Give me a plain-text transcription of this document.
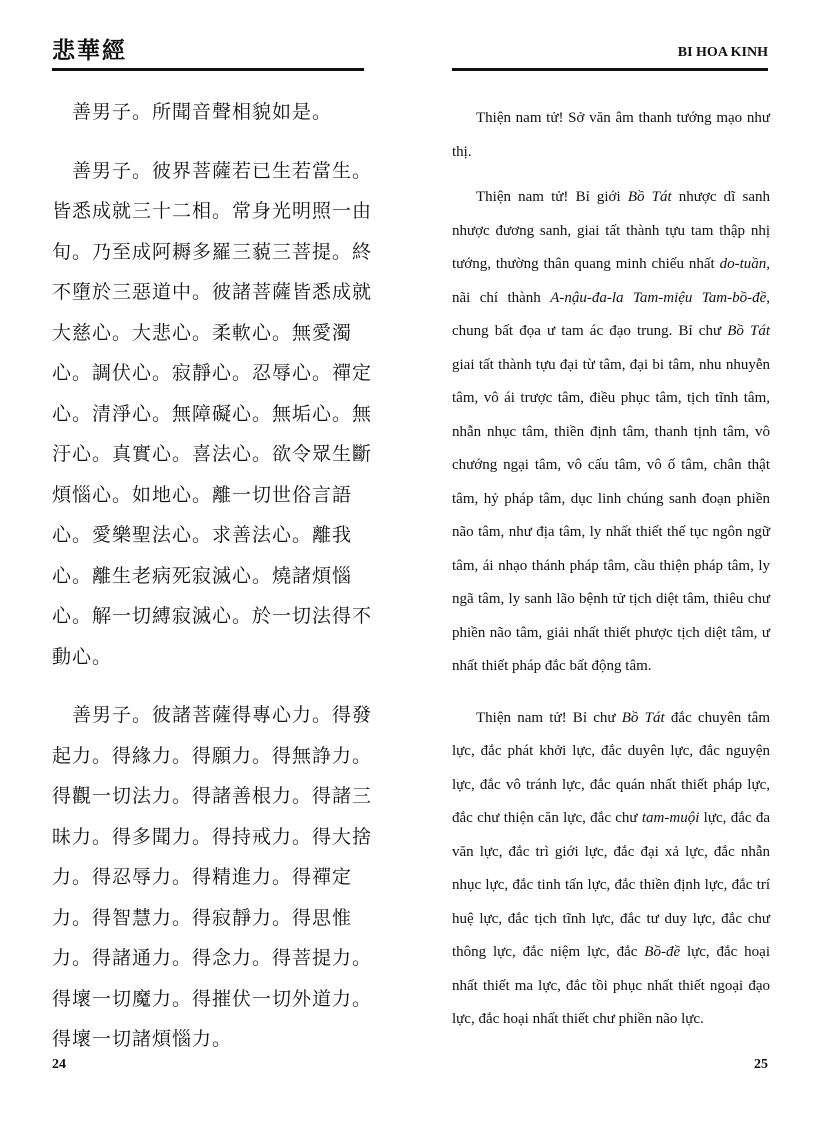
悲華經

善男子。所聞音聲相貌如是。

善男子。彼界菩薩若已生若當生。皆悉成就三十二相。常身光明照一由旬。乃至成阿耨多羅三藐三菩提。終不墮於三惡道中。彼諸菩薩皆悉成就大慈心。大悲心。柔軟心。無愛濁心。調伏心。寂靜心。忍辱心。禪定心。清淨心。無障礙心。無垢心。無汙心。真實心。喜法心。欲令眾生斷煩惱心。如地心。離一切世俗言語心。愛樂聖法心。求善法心。離我心。離生老病死寂滅心。燒諸煩惱心。解一切縛寂滅心。於一切法得不動心。

善男子。彼諸菩薩得專心力。得發起力。得緣力。得願力。得無諍力。得觀一切法力。得諸善根力。得諸三昧力。得多聞力。得持戒力。得大捨力。得忍辱力。得精進力。得禪定力。得智慧力。得寂靜力。得思惟力。得諸通力。得念力。得菩提力。得壞一切魔力。得摧伏一切外道力。得壞一切諸煩惱力。

24
BI HOA KINH

Thiện nam tử! Sở văn âm thanh tướng mạo như thị.

Thiện nam tử! Bỉ giới Bồ Tát nhược dĩ sanh nhược đương sanh, giai tất thành tựu tam thập nhị tướng, thường thân quang minh chiếu nhất do-tuần, nãi chí thành A-nậu-đa-la Tam-miệu Tam-bồ-đề, chung bất đọa ư tam ác đạo trung. Bỉ chư Bồ Tát giai tất thành tựu đại từ tâm, đại bi tâm, nhu nhuyễn tâm, vô ái trược tâm, điều phục tâm, tịch tĩnh tâm, nhẫn nhục tâm, thiền định tâm, thanh tịnh tâm, vô chướng ngại tâm, vô cấu tâm, vô ố tâm, chân thật tâm, hỷ pháp tâm, dục linh chúng sanh đoạn phiền não tâm, như địa tâm, ly nhất thiết thế tục ngôn ngữ tâm, ái nhạo thánh pháp tâm, cầu thiện pháp tâm, ly ngã tâm, ly sanh lão bệnh tử tịch diệt tâm, thiêu chư phiền não tâm, giải nhất thiết phược tịch diệt tâm, ư nhất thiết pháp đắc bất động tâm.

Thiện nam tử! Bỉ chư Bồ Tát đắc chuyên tâm lực, đắc phát khởi lực, đắc duyên lực, đắc nguyện lực, đắc vô tránh lực, đắc quán nhất thiết pháp lực, đắc chư thiện căn lực, đắc chư tam-muội lực, đắc đa văn lực, đắc trì giới lực, đắc đại xả lực, đắc nhẫn nhục lực, đắc tinh tấn lực, đắc thiền định lực, đắc trí huệ lực, đắc tịch tĩnh lực, đắc tư duy lực, đắc chư thông lực, đắc niệm lực, đắc Bồ-đề lực, đắc hoại nhất thiết ma lực, đắc tồi phục nhất thiết ngoại đạo lực, đắc hoại nhất thiết chư phiền não lực.

25
